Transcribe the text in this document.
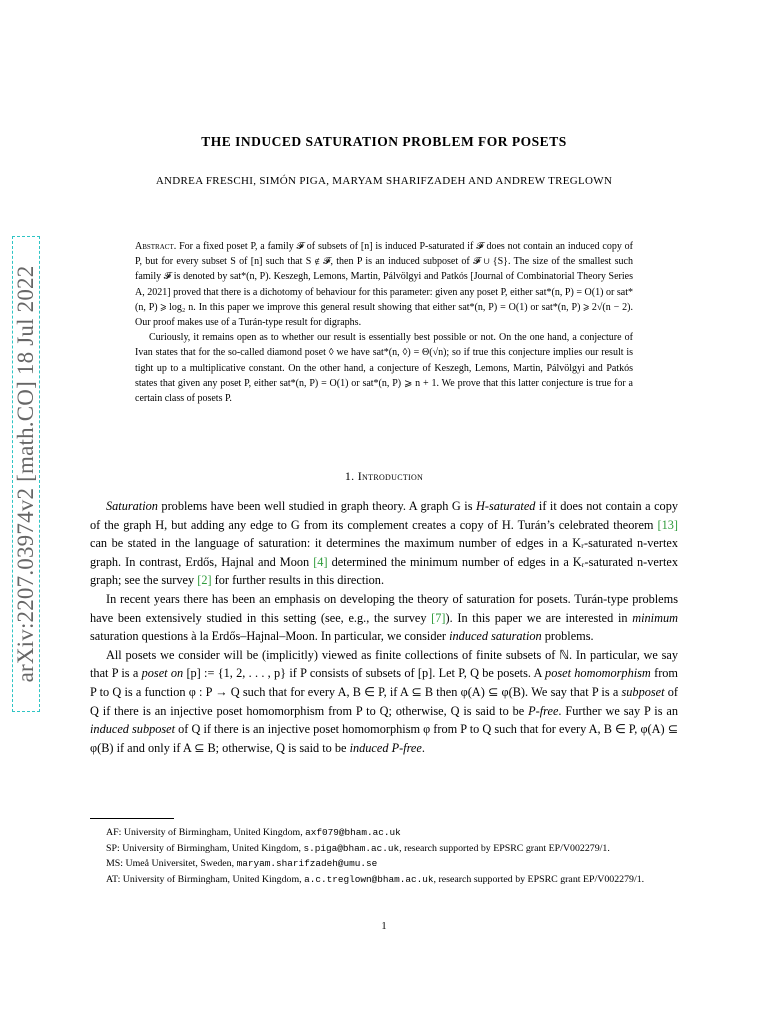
arXiv:2207.03974v2 [math.CO] 18 Jul 2022
THE INDUCED SATURATION PROBLEM FOR POSETS
ANDREA FRESCHI, SIMÓN PIGA, MARYAM SHARIFZADEH AND ANDREW TREGLOWN

Abstract. For a fixed poset P, a family 𝓕 of subsets of [n] is induced P-saturated if 𝓕 does not contain an induced copy of P, but for every subset S of [n] such that S ∉ 𝓕, then P is an induced subposet of 𝓕 ∪ {S}. The size of the smallest such family 𝓕 is denoted by sat*(n, P). Keszegh, Lemons, Martin, Pálvölgyi and Patkós [Journal of Combinatorial Theory Series A, 2021] proved that there is a dichotomy of behaviour for this parameter: given any poset P, either sat*(n, P) = O(1) or sat*(n, P) ⩾ log₂ n. In this paper we improve this general result showing that either sat*(n, P) = O(1) or sat*(n, P) ⩾ 2√(n − 2). Our proof makes use of a Turán-type result for digraphs.

Curiously, it remains open as to whether our result is essentially best possible or not. On the one hand, a conjecture of Ivan states that for the so-called diamond poset ◊ we have sat*(n, ◊) = Θ(√n); so if true this conjecture implies our result is tight up to a multiplicative constant. On the other hand, a conjecture of Keszegh, Lemons, Martin, Pálvölgyi and Patkós states that given any poset P, either sat*(n, P) = O(1) or sat*(n, P) ⩾ n + 1. We prove that this latter conjecture is true for a certain class of posets P.

1. Introduction

Saturation problems have been well studied in graph theory. A graph G is H-saturated if it does not contain a copy of the graph H, but adding any edge to G from its complement creates a copy of H. Turán’s celebrated theorem [13] can be stated in the language of saturation: it determines the maximum number of edges in a Kᵣ-saturated n-vertex graph. In contrast, Erdős, Hajnal and Moon [4] determined the minimum number of edges in a Kᵣ-saturated n-vertex graph; see the survey [2] for further results in this direction.

In recent years there has been an emphasis on developing the theory of saturation for posets. Turán-type problems have been extensively studied in this setting (see, e.g., the survey [7]). In this paper we are interested in minimum saturation questions à la Erdős–Hajnal–Moon. In particular, we consider induced saturation problems.

All posets we consider will be (implicitly) viewed as finite collections of finite subsets of ℕ. In particular, we say that P is a poset on [p] := {1, 2, . . . , p} if P consists of subsets of [p]. Let P, Q be posets. A poset homomorphism from P to Q is a function φ : P → Q such that for every A, B ∈ P, if A ⊆ B then φ(A) ⊆ φ(B). We say that P is a subposet of Q if there is an injective poset homomorphism from P to Q; otherwise, Q is said to be P-free. Further we say P is an induced subposet of Q if there is an injective poset homomorphism φ from P to Q such that for every A, B ∈ P, φ(A) ⊆ φ(B) if and only if A ⊆ B; otherwise, Q is said to be induced P-free.

AF: University of Birmingham, United Kingdom, axf079@bham.ac.uk

SP: University of Birmingham, United Kingdom, s.piga@bham.ac.uk, research supported by EPSRC grant EP/V002279/1.

MS: Umeå Universitet, Sweden, maryam.sharifzadeh@umu.se

AT: University of Birmingham, United Kingdom, a.c.treglown@bham.ac.uk, research supported by EPSRC grant EP/V002279/1.

1
